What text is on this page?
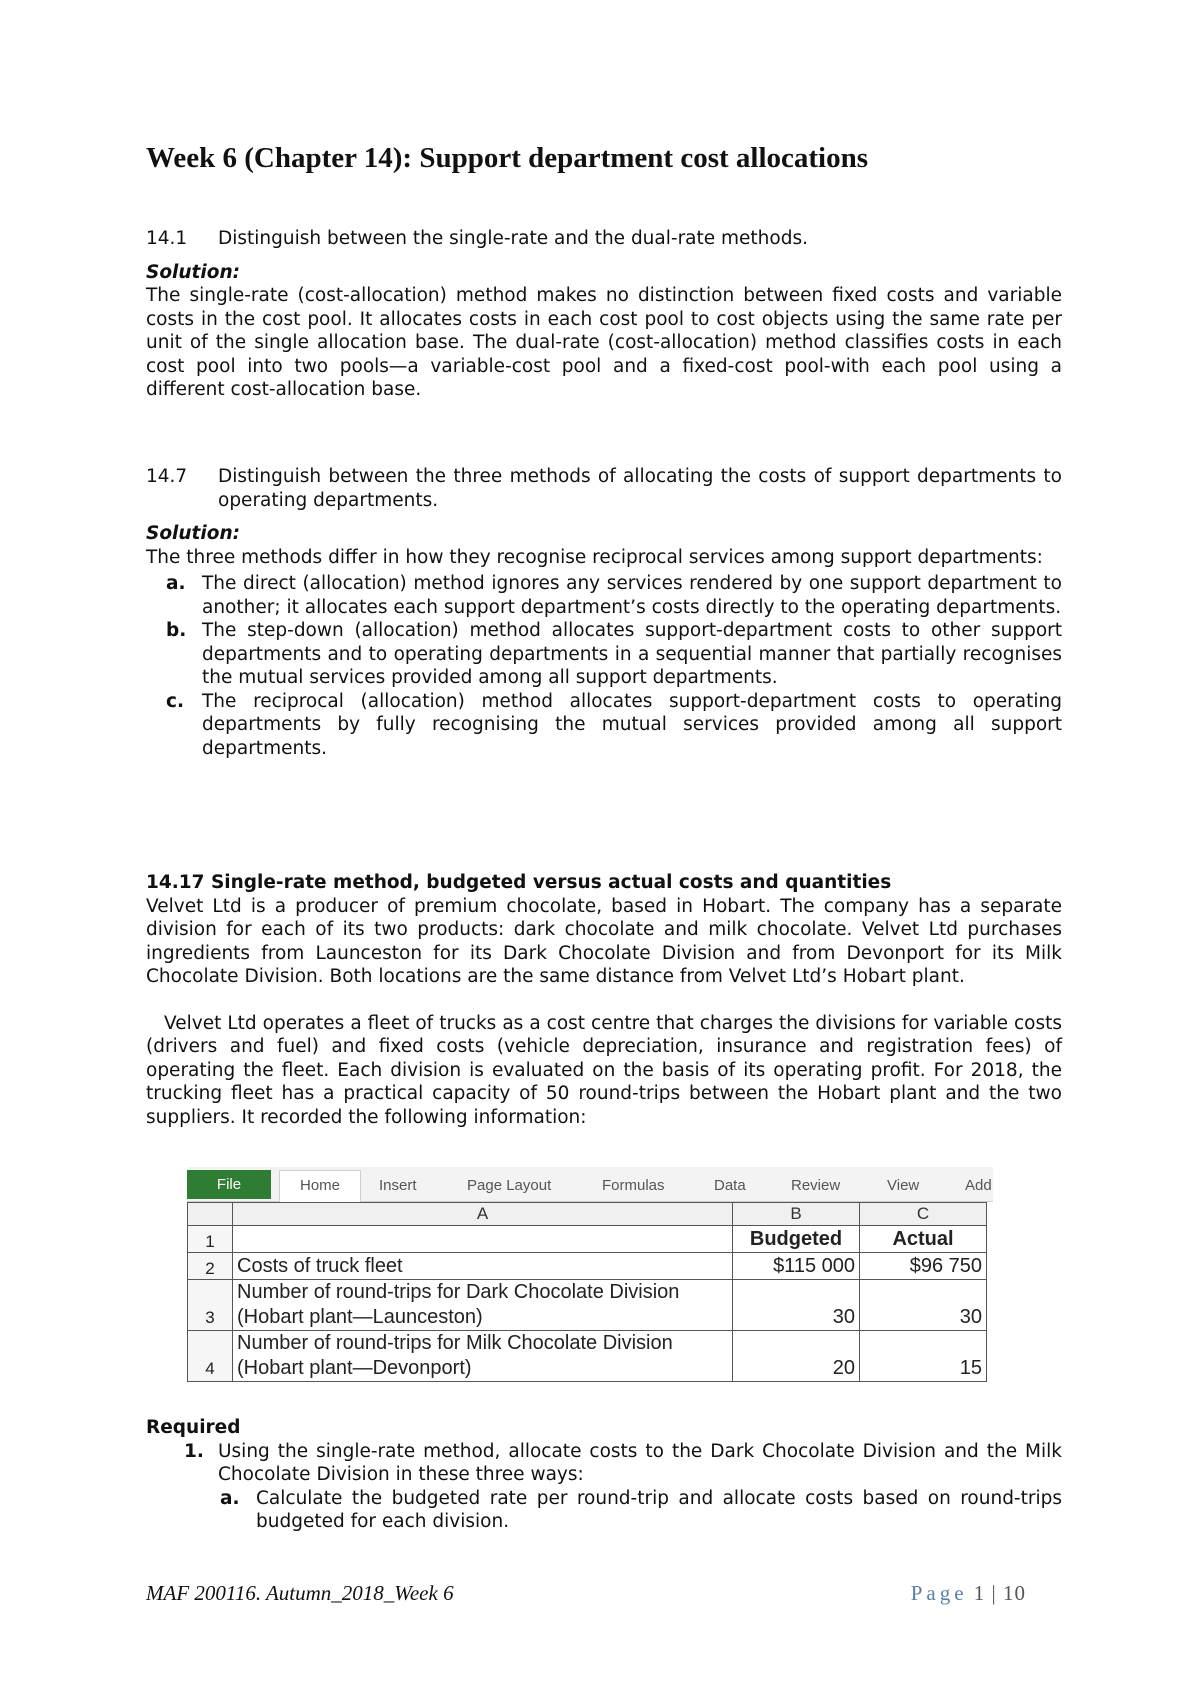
Week 6 (Chapter 14): Support department cost allocations
14.1 Distinguish between the single-rate and the dual-rate methods.
Solution:
The single-rate (cost-allocation) method makes no distinction between fixed costs and variable costs in the cost pool. It allocates costs in each cost pool to cost objects using the same rate per unit of the single allocation base. The dual-rate (cost-allocation) method classifies costs in each cost pool into two pools—a variable-cost pool and a fixed-cost pool-with each pool using a different cost-allocation base.
14.7 Distinguish between the three methods of allocating the costs of support departments to operating departments.
Solution:
The three methods differ in how they recognise reciprocal services among support departments:
a. The direct (allocation) method ignores any services rendered by one support department to another; it allocates each support department’s costs directly to the operating departments.
b. The step-down (allocation) method allocates support-department costs to other support departments and to operating departments in a sequential manner that partially recognises the mutual services provided among all support departments.
c. The reciprocal (allocation) method allocates support-department costs to operating departments by fully recognising the mutual services provided among all support departments.
14.17 Single-rate method, budgeted versus actual costs and quantities
Velvet Ltd is a producer of premium chocolate, based in Hobart. The company has a separate division for each of its two products: dark chocolate and milk chocolate. Velvet Ltd purchases ingredients from Launceston for its Dark Chocolate Division and from Devonport for its Milk Chocolate Division. Both locations are the same distance from Velvet Ltd’s Hobart plant.
Velvet Ltd operates a fleet of trucks as a cost centre that charges the divisions for variable costs (drivers and fuel) and fixed costs (vehicle depreciation, insurance and registration fees) of operating the fleet. Each division is evaluated on the basis of its operating profit. For 2018, the trucking fleet has a practical capacity of 50 round-trips between the Hobart plant and the two suppliers. It recorded the following information:
Required
1. Using the single-rate method, allocate costs to the Dark Chocolate Division and the Milk Chocolate Division in these three ways:
a. Calculate the budgeted rate per round-trip and allocate costs based on round-trips budgeted for each division.
File	Home	Insert	Page Layout	Formulas	Data	Review	View	Add
	A	B	C
1		Budgeted	Actual
2	Costs of truck fleet	$115 000	$96 750
3	Number of round-trips for Dark Chocolate Division (Hobart plant—Launceston)	30	30
4	Number of round-trips for Milk Chocolate Division (Hobart plant—Devonport)	20	15
MAF 200116. Autumn_2018_Week 6	Page 1 | 10
